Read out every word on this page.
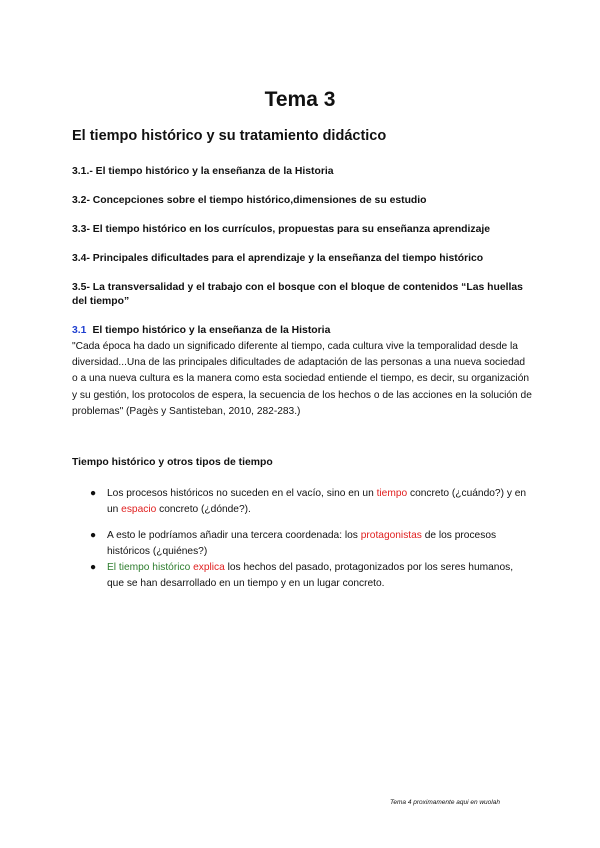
Tema 3
El tiempo histórico y su tratamiento didáctico
3.1.- El tiempo histórico y la enseñanza de la Historia
3.2- Concepciones sobre el tiempo histórico,dimensiones de su estudio
3.3- El tiempo histórico en los currículos, propuestas para su enseñanza aprendizaje
3.4- Principales dificultades para el aprendizaje y la enseñanza del tiempo histórico
3.5- La transversalidad y el trabajo con el bosque con el bloque de contenidos “Las huellas del tiempo”
3.1 El tiempo histórico y la enseñanza de la Historia
"Cada época ha dado un significado diferente al tiempo, cada cultura vive la temporalidad desde la diversidad...Una de las principales dificultades de adaptación de las personas a una nueva sociedad o a una nueva cultura es la manera como esta sociedad entiende el tiempo, es decir, su organización y su gestión, los protocolos de espera, la secuencia de los hechos o de las acciones en la solución de problemas" (Pagès y Santisteban, 2010, 282-283.)
Tiempo histórico y otros tipos de tiempo
● Los procesos históricos no suceden en el vacío, sino en un tiempo concreto (¿cuándo?) y en un espacio concreto (¿dónde?).
● A esto le podríamos añadir una tercera coordenada: los protagonistas de los procesos históricos (¿quiénes?)
● El tiempo histórico explica los hechos del pasado, protagonizados por los seres humanos, que se han desarrollado en un tiempo y en un lugar concreto.
Tema 4 proximamente aqui en wuolah
